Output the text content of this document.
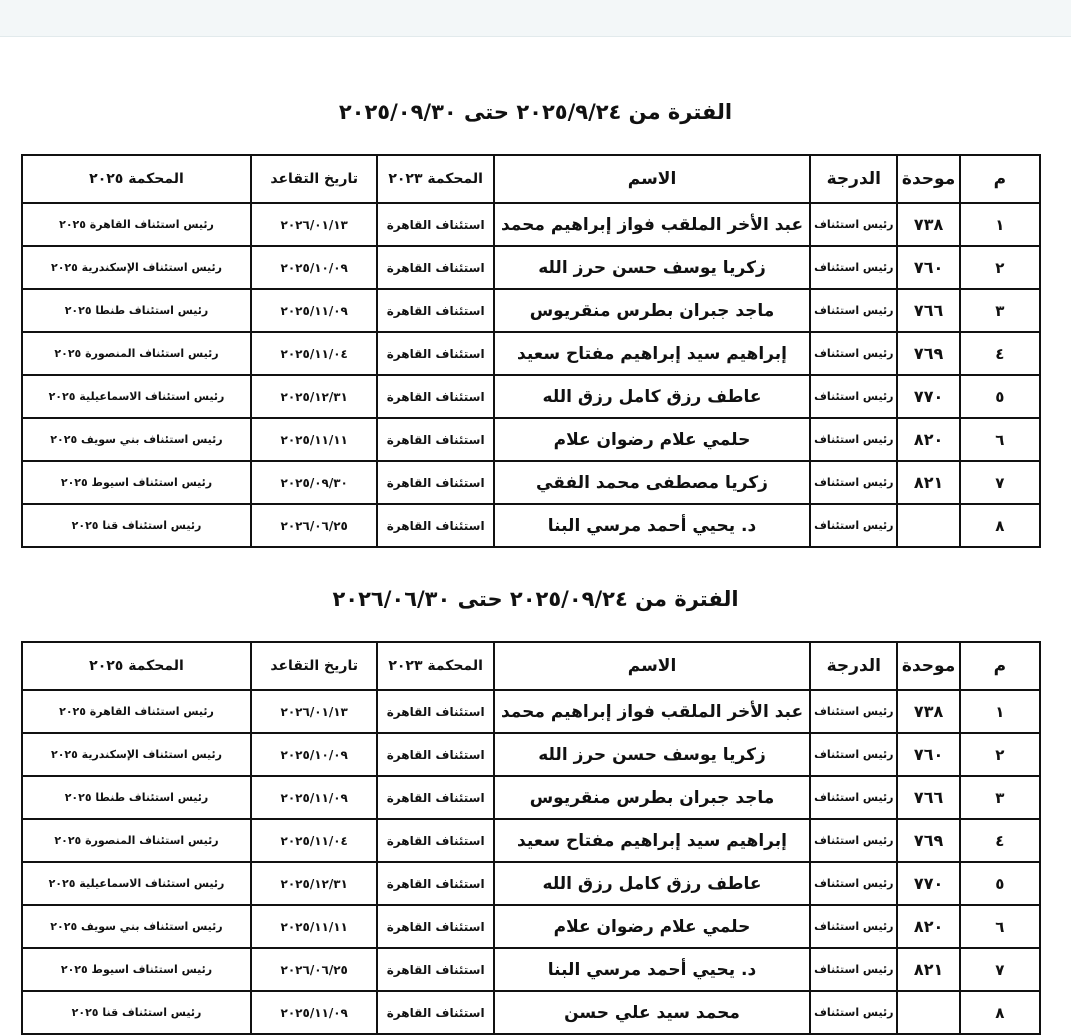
الفترة من ٢٠٢٥/٩/٢٤ حتى ٢٠٢٥/٠٩/٣٠
م	موحدة	الدرجة	الاسم	المحكمة ٢٠٢٣	تاريخ التقاعد	المحكمة ٢٠٢٥
١	٧٣٨	رئيس استئناف	عبد الأخر الملقب فواز إبراهيم محمد	استئناف القاهرة	٢٠٢٦/٠١/١٣	رئيس استئناف القاهرة ٢٠٢٥
٢	٧٦٠	رئيس استئناف	زكريا يوسف حسن حرز الله	استئناف القاهرة	٢٠٢٥/١٠/٠٩	رئيس استئناف الإسكندرية ٢٠٢٥
٣	٧٦٦	رئيس استئناف	ماجد جبران بطرس منقريوس	استئناف القاهرة	٢٠٢٥/١١/٠٩	رئيس استئناف طنطا ٢٠٢٥
٤	٧٦٩	رئيس استئناف	إبراهيم سيد إبراهيم مفتاح سعيد	استئناف القاهرة	٢٠٢٥/١١/٠٤	رئيس استئناف المنصورة ٢٠٢٥
٥	٧٧٠	رئيس استئناف	عاطف رزق كامل رزق الله	استئناف القاهرة	٢٠٢٥/١٢/٣١	رئيس استئناف الاسماعيلية ٢٠٢٥
٦	٨٢٠	رئيس استئناف	حلمي علام رضوان علام	استئناف القاهرة	٢٠٢٥/١١/١١	رئيس استئناف بني سويف ٢٠٢٥
٧	٨٢١	رئيس استئناف	زكريا مصطفى محمد الفقي	استئناف القاهرة	٢٠٢٥/٠٩/٣٠	رئيس استئناف اسيوط ٢٠٢٥
٨		رئيس استئناف	د. يحيي أحمد مرسي البنا	استئناف القاهرة	٢٠٢٦/٠٦/٢٥	رئيس استئناف قنا ٢٠٢٥
الفترة من ٢٠٢٥/٠٩/٢٤ حتى ٢٠٢٦/٠٦/٣٠
م	موحدة	الدرجة	الاسم	المحكمة ٢٠٢٣	تاريخ التقاعد	المحكمة ٢٠٢٥
١	٧٣٨	رئيس استئناف	عبد الأخر الملقب فواز إبراهيم محمد	استئناف القاهرة	٢٠٢٦/٠١/١٣	رئيس استئناف القاهرة ٢٠٢٥
٢	٧٦٠	رئيس استئناف	زكريا يوسف حسن حرز الله	استئناف القاهرة	٢٠٢٥/١٠/٠٩	رئيس استئناف الإسكندرية ٢٠٢٥
٣	٧٦٦	رئيس استئناف	ماجد جبران بطرس منقريوس	استئناف القاهرة	٢٠٢٥/١١/٠٩	رئيس استئناف طنطا ٢٠٢٥
٤	٧٦٩	رئيس استئناف	إبراهيم سيد إبراهيم مفتاح سعيد	استئناف القاهرة	٢٠٢٥/١١/٠٤	رئيس استئناف المنصورة ٢٠٢٥
٥	٧٧٠	رئيس استئناف	عاطف رزق كامل رزق الله	استئناف القاهرة	٢٠٢٥/١٢/٣١	رئيس استئناف الاسماعيلية ٢٠٢٥
٦	٨٢٠	رئيس استئناف	حلمي علام رضوان علام	استئناف القاهرة	٢٠٢٥/١١/١١	رئيس استئناف بني سويف ٢٠٢٥
٧	٨٢١	رئيس استئناف	د. يحيي أحمد مرسي البنا	استئناف القاهرة	٢٠٢٦/٠٦/٢٥	رئيس استئناف اسيوط ٢٠٢٥
٨		رئيس استئناف	محمد سيد علي حسن	استئناف القاهرة	٢٠٢٥/١١/٠٩	رئيس استئناف قنا ٢٠٢٥
